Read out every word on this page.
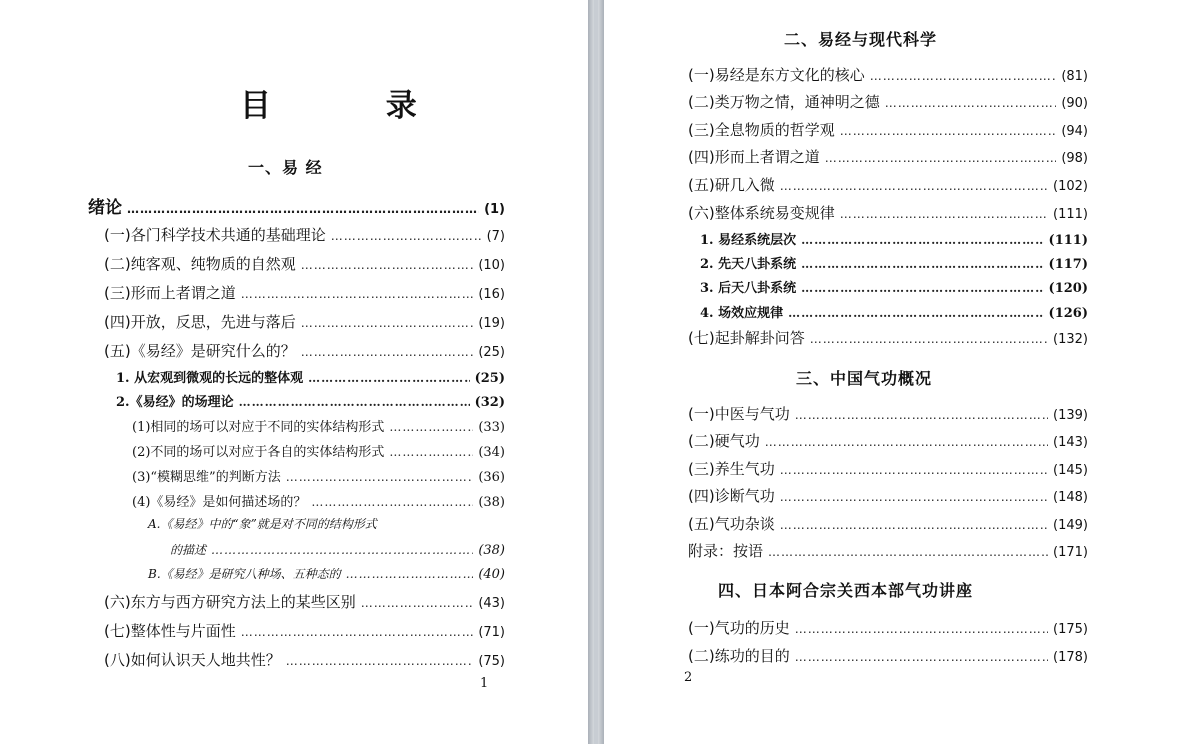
目 录
一、易 经
绪论 ……………………………………………………………………………………………………………………………………………………………………	(1)
(一)各门科学技术共通的基础理论 ……………………………………………………………………………………………………………………………………………………………………	(7)
(二)纯客观、纯物质的自然观 ……………………………………………………………………………………………………………………………………………………………………	(10)
(三)形而上者谓之道 ……………………………………………………………………………………………………………………………………………………………………	(16)
(四)开放，反思，先进与落后 ……………………………………………………………………………………………………………………………………………………………………	(19)
(五)《易经》是研究什么的？ ……………………………………………………………………………………………………………………………………………………………………	(25)
1. 从宏观到微观的长远的整体观 ……………………………………………………………………………………………………………………………………………………………………	(25)
2.《易经》的场理论 ……………………………………………………………………………………………………………………………………………………………………	(32)
(1)相同的场可以对应于不同的实体结构形式 ……………………………………………………………………………………………………………………………………………………………………	(33)
(2)不同的场可以对应于各自的实体结构形式 ……………………………………………………………………………………………………………………………………………………………………	(34)
(3)“模糊思维”的判断方法 ……………………………………………………………………………………………………………………………………………………………………	(36)
(4)《易经》是如何描述场的？ ……………………………………………………………………………………………………………………………………………………………………	(38)
A.《易经》中的“象”就是对不同的结构形式
的描述 ……………………………………………………………………………………………………………………………………………………………………	(38)
B.《易经》是研究八种场、五种态的 ……………………………………………………………………………………………………………………………………………………………………	(40)
(六)东方与西方研究方法上的某些区别 ……………………………………………………………………………………………………………………………………………………………………	(43)
(七)整体性与片面性 ……………………………………………………………………………………………………………………………………………………………………	(71)
(八)如何认识天人地共性？ ……………………………………………………………………………………………………………………………………………………………………	(75)
1
二、易经与现代科学
(一)易经是东方文化的核心 ……………………………………………………………………………………………………………………………………………………………………	(81)
(二)类万物之情，通神明之德 ……………………………………………………………………………………………………………………………………………………………………	(90)
(三)全息物质的哲学观 ……………………………………………………………………………………………………………………………………………………………………	(94)
(四)形而上者谓之道 ……………………………………………………………………………………………………………………………………………………………………	(98)
(五)研几入微 ……………………………………………………………………………………………………………………………………………………………………	(102)
(六)整体系统易变规律 ……………………………………………………………………………………………………………………………………………………………………	(111)
1. 易经系统层次 ……………………………………………………………………………………………………………………………………………………………………	(111)
2. 先天八卦系统 ……………………………………………………………………………………………………………………………………………………………………	(117)
3. 后天八卦系统 ……………………………………………………………………………………………………………………………………………………………………	(120)
4. 场效应规律 ……………………………………………………………………………………………………………………………………………………………………	(126)
(七)起卦解卦问答 ……………………………………………………………………………………………………………………………………………………………………	(132)
三、中国气功概况
(一)中医与气功 ……………………………………………………………………………………………………………………………………………………………………	(139)
(二)硬气功 ……………………………………………………………………………………………………………………………………………………………………	(143)
(三)养生气功 ……………………………………………………………………………………………………………………………………………………………………	(145)
(四)诊断气功 ……………………………………………………………………………………………………………………………………………………………………	(148)
(五)气功杂谈 ……………………………………………………………………………………………………………………………………………………………………	(149)
附录：按语 ……………………………………………………………………………………………………………………………………………………………………	(171)
四、日本阿合宗关西本部气功讲座
(一)气功的历史 ……………………………………………………………………………………………………………………………………………………………………	(175)
(二)练功的目的 ……………………………………………………………………………………………………………………………………………………………………	(178)
2
